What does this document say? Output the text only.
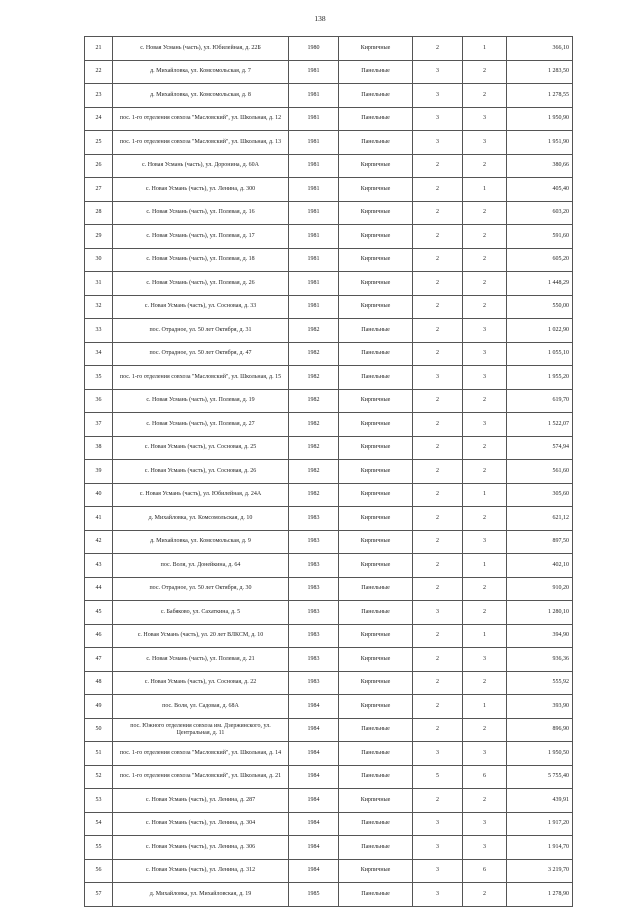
138
21	с. Новая Усмань (часть), ул. Юбилейная, д. 22Б	1980	Кирпичные	2	1	366,10
22	д. Михайловка, ул. Комсомольская, д. 7	1981	Панельные	3	2	1 283,50
23	д. Михайловка, ул. Комсомольская, д. 8	1981	Панельные	3	2	1 278,55
24	пос. 1-го отделения совхоза "Масловский", ул. Школьная, д. 12	1981	Панельные	3	3	1 950,90
25	пос. 1-го отделения совхоза "Масловский", ул. Школьная, д. 13	1981	Панельные	3	3	1 951,90
26	с. Новая Усмань (часть), ул. Доронина, д. 60А	1981	Кирпичные	2	2	380,66
27	с. Новая Усмань (часть), ул. Ленина, д. 300	1981	Кирпичные	2	1	405,40
28	с. Новая Усмань (часть), ул. Полевая, д. 16	1981	Кирпичные	2	2	603,20
29	с. Новая Усмань (часть), ул. Полевая, д. 17	1981	Кирпичные	2	2	591,60
30	с. Новая Усмань (часть), ул. Полевая, д. 18	1981	Кирпичные	2	2	605,20
31	с. Новая Усмань (часть), ул. Полевая, д. 26	1981	Кирпичные	2	2	1 448,29
32	с. Новая Усмань (часть), ул. Сосновая, д. 33	1981	Кирпичные	2	2	550,00
33	пос. Отрадное, ул. 50 лет Октября, д. 31	1982	Панельные	2	3	1 022,90
34	пос. Отрадное, ул. 50 лет Октября, д. 47	1982	Панельные	2	3	1 055,10
35	пос. 1-го отделения совхоза "Масловский", ул. Школьная, д. 15	1982	Панельные	3	3	1 955,20
36	с. Новая Усмань (часть), ул. Полевая, д. 19	1982	Кирпичные	2	2	619,70
37	с. Новая Усмань (часть), ул. Полевая, д. 27	1982	Кирпичные	2	3	1 522,07
38	с. Новая Усмань (часть), ул. Сосновая, д. 25	1982	Кирпичные	2	2	574,94
39	с. Новая Усмань (часть), ул. Сосновая, д. 26	1982	Кирпичные	2	2	561,60
40	с. Новая Усмань (часть), ул. Юбилейная, д. 24А	1982	Кирпичные	2	1	305,60
41	д. Михайловка, ул. Комсомольская, д. 10	1983	Кирпичные	2	2	621,12
42	д. Михайловка, ул. Комсомольская, д. 9	1983	Кирпичные	2	3	897,50
43	пос. Воля, ул. Донейкина, д. 64	1983	Кирпичные	2	1	402,10
44	пос. Отрадное, ул. 50 лет Октября, д. 30	1983	Панельные	2	2	910,20
45	с. Бабяково, ул. Сахаткина, д. 5	1983	Панельные	3	2	1 280,10
46	с. Новая Усмань (часть), ул. 20 лет ВЛКСМ, д. 10	1983	Кирпичные	2	1	394,90
47	с. Новая Усмань (часть), ул. Полевая, д. 21	1983	Кирпичные	2	3	936,36
48	с. Новая Усмань (часть), ул. Сосновая, д. 22	1983	Кирпичные	2	2	555,92
49	пос. Воля, ул. Садовая, д. 68А	1984	Кирпичные	2	1	393,90
50	пос. Южного отделения совхоза им. Дзержинского, ул. Центральная, д. 11	1984	Панельные	2	2	896,90
51	пос. 1-го отделения совхоза "Масловский", ул. Школьная, д. 14	1984	Панельные	3	3	1 950,50
52	пос. 1-го отделения совхоза "Масловский", ул. Школьная, д. 21	1984	Панельные	5	6	5 755,40
53	с. Новая Усмань (часть), ул. Ленина, д. 287	1984	Кирпичные	2	2	439,91
54	с. Новая Усмань (часть), ул. Ленина, д. 304	1984	Панельные	3	3	1 917,20
55	с. Новая Усмань (часть), ул. Ленина, д. 306	1984	Панельные	3	3	1 914,70
56	с. Новая Усмань (часть), ул. Ленина, д. 312	1984	Кирпичные	3	6	3 219,70
57	д. Михайловка, ул. Михайловская, д. 19	1985	Панельные	3	2	1 278,90
